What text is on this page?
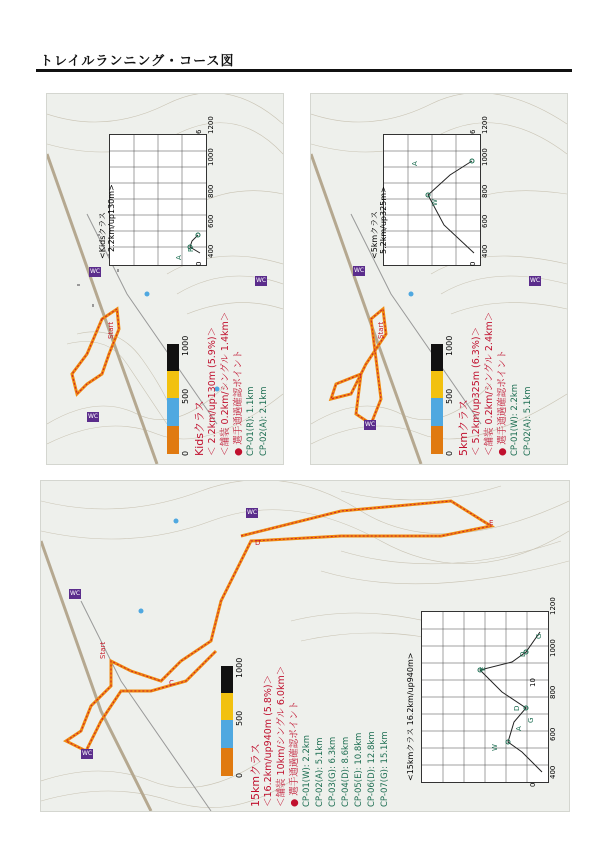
トレイルランニング・コース図
WC
WC
WC
Start
Kidsクラス ＜ 2.2km/up130m (5.9%)＞ ＜舗装 0.2km/シングル 1.4km＞ ● 選手通過確認ポイント CP-01(R): 1.1km CP-02(A): 2.1km
0
500
1000
<Kidsクラス 2.2km/up130m>
1200
1000
800
600
400
0
6
A
R
WC
WC
WC
Start
5kmクラス ＜ 5.2km/up325m (6.3%)＞ ＜舗装 0.2km/シングル 2.4km＞ ● 選手通過確認ポイント CP-01(W): 2.2km CP-02(A): 5.1km
0
500
1000
<5kmクラス 5.2km/up325m>
1200
1000
800
600
400
0
6
W
A
WC
WC
WC
Start
E
D
C
15kmクラス ＜16.2km/up940m (5.8%)＞ ＜舗装 10km/シングル 6.0km＞ ● 選手通過確認ポイント CP-01(W): 2.2km CP-02(A): 5.1km CP-03(G): 6.3km CP-04(D): 8.6km CP-05(E): 10.8km CP-06(D): 12.8km CP-07(G): 15.1km
0
500
1000	<15kmクラス 16.2km/up940m>
1200
1000
800
600
400
0
10
W
A
G
D
E
D
G
